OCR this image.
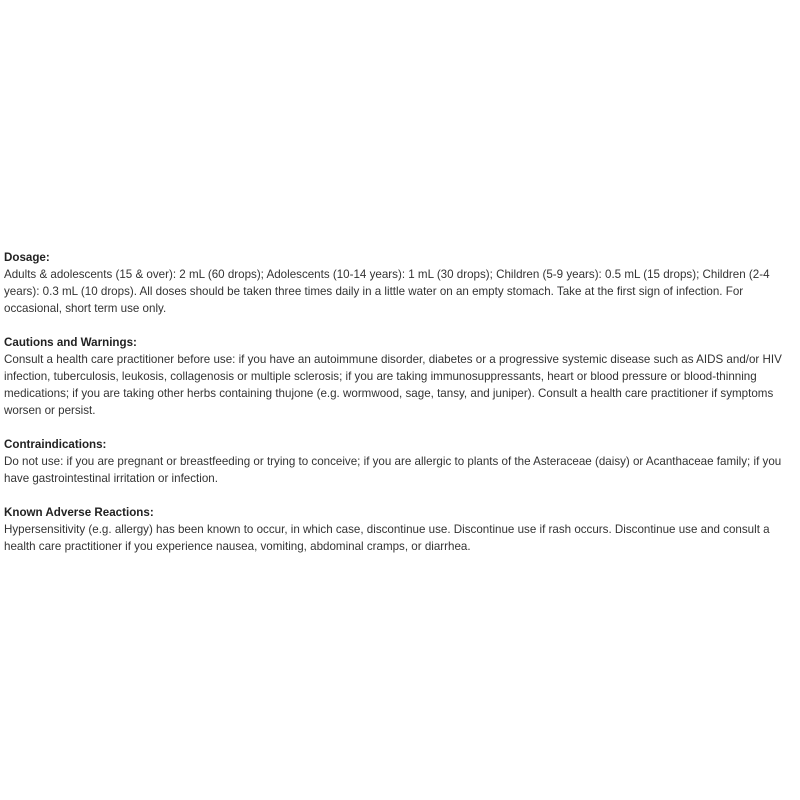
Dosage:
Adults & adolescents (15 & over): 2 mL (60 drops); Adolescents (10-14 years): 1 mL (30 drops); Children (5-9 years): 0.5 mL (15 drops); Children (2-4 years): 0.3 mL (10 drops). All doses should be taken three times daily in a little water on an empty stomach. Take at the first sign of infection. For occasional, short term use only.
Cautions and Warnings:
Consult a health care practitioner before use: if you have an autoimmune disorder, diabetes or a progressive systemic disease such as AIDS and/or HIV infection, tuberculosis, leukosis, collagenosis or multiple sclerosis; if you are taking immunosuppressants, heart or blood pressure or blood-thinning medications; if you are taking other herbs containing thujone (e.g. wormwood, sage, tansy, and juniper). Consult a health care practitioner if symptoms worsen or persist.
Contraindications:
Do not use: if you are pregnant or breastfeeding or trying to conceive; if you are allergic to plants of the Asteraceae (daisy) or Acanthaceae family; if you have gastrointestinal irritation or infection.
Known Adverse Reactions:
Hypersensitivity (e.g. allergy) has been known to occur, in which case, discontinue use. Discontinue use if rash occurs. Discontinue use and consult a health care practitioner if you experience nausea, vomiting, abdominal cramps, or diarrhea.
